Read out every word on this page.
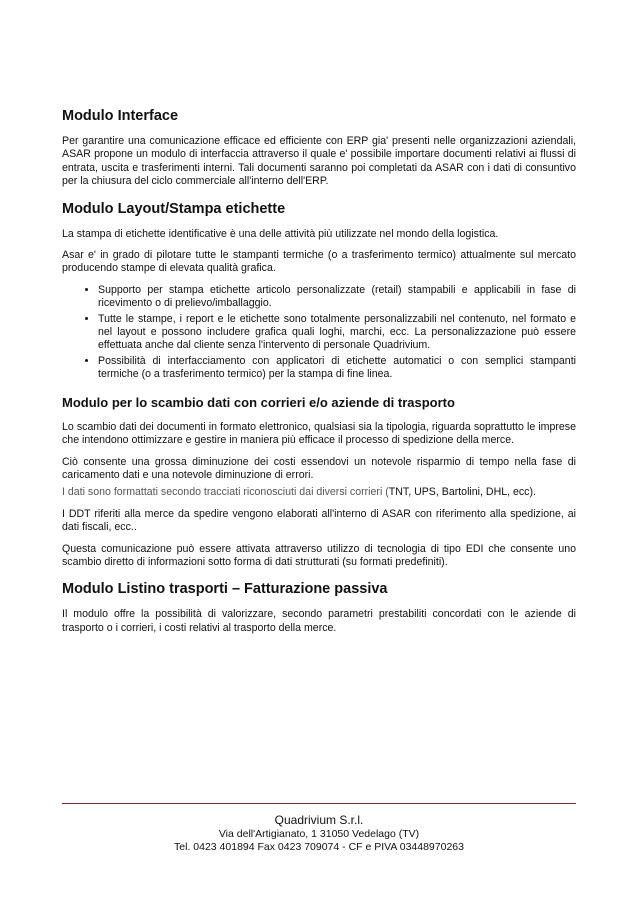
Modulo Interface

Per garantire una comunicazione efficace ed efficiente con ERP gia' presenti nelle organizzazioni aziendali, ASAR propone un modulo di interfaccia attraverso il quale e' possibile importare documenti relativi ai flussi di entrata, uscita e trasferimenti interni. Tali documenti saranno poi completati da ASAR con i dati di consuntivo per la chiusura del ciclo commerciale all'interno dell'ERP.

Modulo Layout/Stampa etichette

La stampa di etichette identificative è una delle attività più utilizzate nel mondo della logistica.

Asar e' in grado di pilotare tutte le stampanti termiche (o a trasferimento termico) attualmente sul mercato producendo stampe di elevata qualità grafica.

• Supporto per stampa etichette articolo personalizzate (retail) stampabili e applicabili in fase di ricevimento o di prelievo/imballaggio.
• Tutte le stampe, i report e le etichette sono totalmente personalizzabili nel contenuto, nel formato e nel layout e possono includere grafica quali loghi, marchi, ecc. La personalizzazione può essere effettuata anche dal cliente senza l'intervento di personale Quadrivium.
• Possibilità di interfacciamento con applicatori di etichette automatici o con semplici stampanti termiche (o a trasferimento termico) per la stampa di fine linea.
Modulo per lo scambio dati con corrieri e/o aziende di trasporto

Lo scambio dati dei documenti in formato elettronico, qualsiasi sia la tipologia, riguarda soprattutto le imprese che intendono ottimizzare e gestire in maniera più efficace il processo di spedizione della merce.

Ciò consente una grossa diminuzione dei costi essendovi un notevole risparmio di tempo nella fase di caricamento dati e una notevole diminuzione di errori.

I dati sono formattati secondo tracciati riconosciuti dai diversi corrieri (TNT, UPS, Bartolini, DHL, ecc).

I DDT riferiti alla merce da spedire vengono elaborati all'interno di ASAR con riferimento alla spedizione, ai dati fiscali, ecc..

Questa comunicazione può essere attivata attraverso utilizzo di tecnologia di tipo EDI che consente uno scambio diretto di informazioni sotto forma di dati strutturati (su formati predefiniti).

Modulo Listino trasporti – Fatturazione passiva

Il modulo offre la possibilità di valorizzare, secondo parametri prestabiliti concordati con le aziende di trasporto o i corrieri, i costi relativi al trasporto della merce.

Quadrivium S.r.l.
Via dell'Artigianato, 1 31050 Vedelago (TV)
Tel. 0423 401894 Fax 0423 709074 - CF e PIVA 03448970263
